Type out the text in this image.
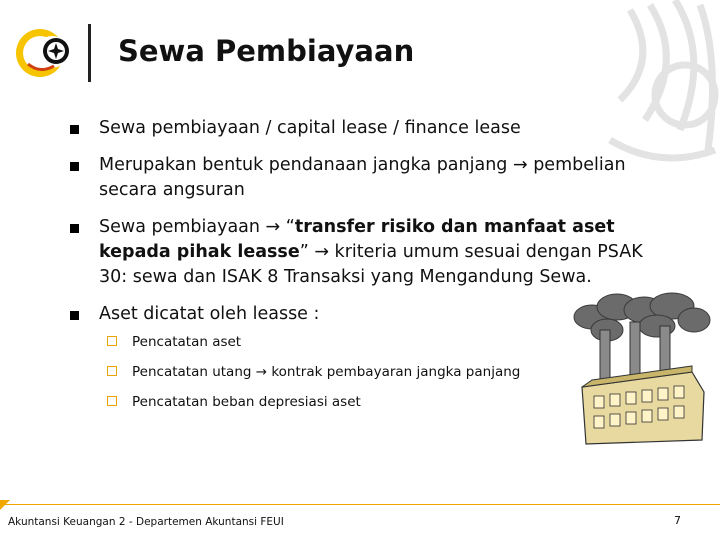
Sewa Pembiayaan
Sewa pembiayaan / capital lease / finance lease
Merupakan bentuk pendanaan jangka panjang → pembelian secara angsuran
Sewa pembiayaan → “transfer risiko dan manfaat aset kepada pihak leasse” → kriteria umum sesuai dengan PSAK 30: sewa dan ISAK 8 Transaksi yang Mengandung Sewa.
Aset dicatat oleh leasse :
Pencatatan aset
Pencatatan utang → kontrak pembayaran jangka panjang
Pencatatan beban depresiasi aset
Akuntansi Keuangan 2 - Departemen Akuntansi FEUI	7
